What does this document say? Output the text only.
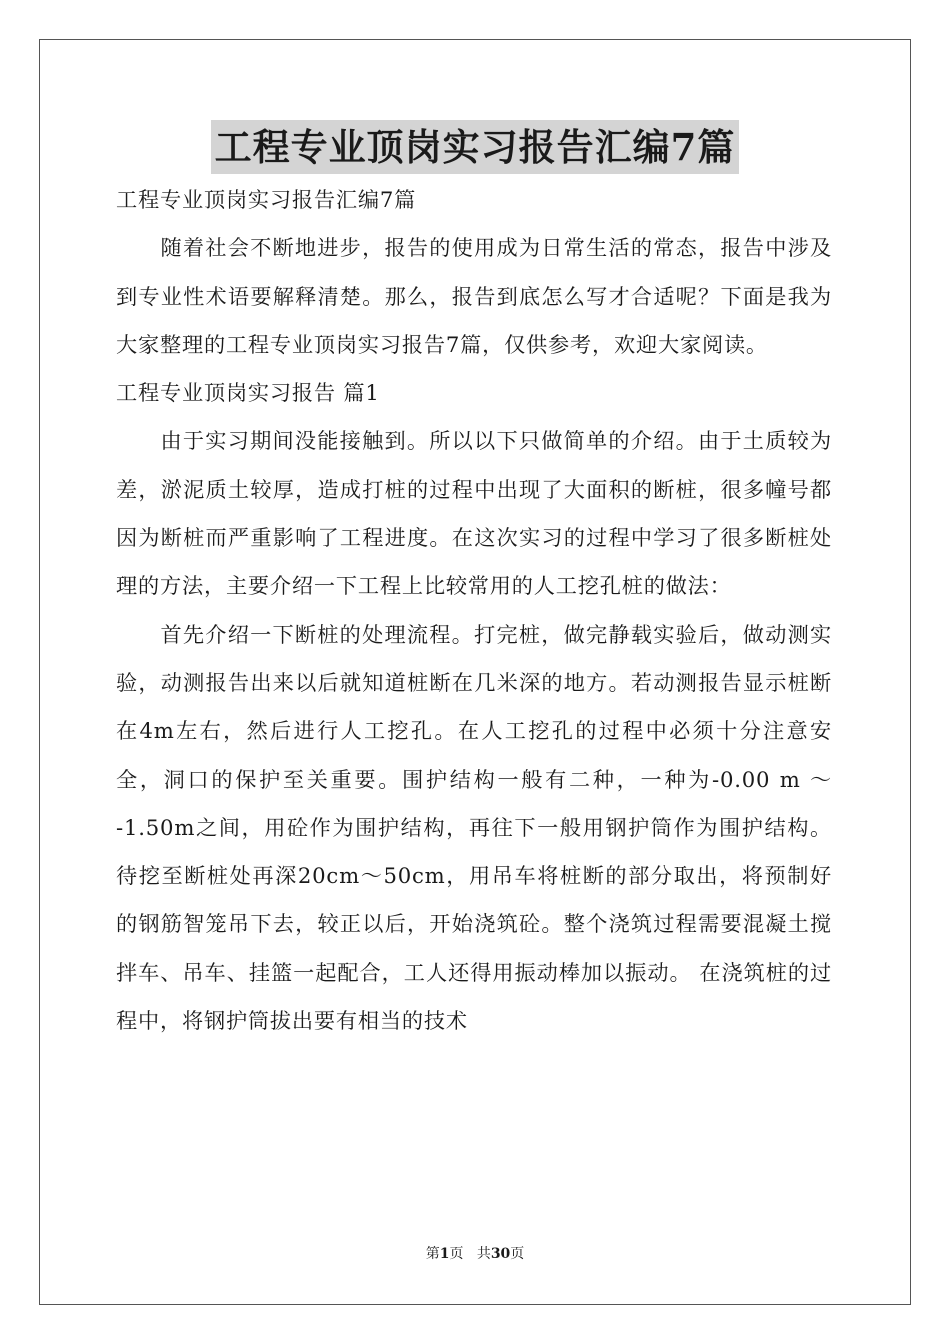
工程专业顶岗实习报告汇编7篇

工程专业顶岗实习报告汇编7篇

随着社会不断地进步，报告的使用成为日常生活的常态，报告中涉及到专业性术语要解释清楚。那么，报告到底怎么写才合适呢？下面是我为大家整理的工程专业顶岗实习报告7篇，仅供参考，欢迎大家阅读。

工程专业顶岗实习报告 篇1

由于实习期间没能接触到。所以以下只做简单的介绍。由于土质较为差，淤泥质土较厚，造成打桩的过程中出现了大面积的断桩，很多幢号都因为断桩而严重影响了工程进度。在这次实习的过程中学习了很多断桩处理的方法，主要介绍一下工程上比较常用的人工挖孔桩的做法：

首先介绍一下断桩的处理流程。打完桩，做完静载实验后，做动测实验，动测报告出来以后就知道桩断在几米深的地方。若动测报告显示桩断在4m左右，然后进行人工挖孔。在人工挖孔的过程中必须十分注意安全，洞口的保护至关重要。围护结构一般有二种，一种为-0.00 m ～ -1.50m之间，用砼作为围护结构，再往下一般用钢护筒作为围护结构。待挖至断桩处再深20cm～50cm，用吊车将桩断的部分取出，将预制好的钢筋智笼吊下去，较正以后，开始浇筑砼。整个浇筑过程需要混凝土搅拌车、吊车、挂篮一起配合，工人还得用振动棒加以振动。 在浇筑桩的过程中，将钢护筒拔出要有相当的技术

第1页 共30页
